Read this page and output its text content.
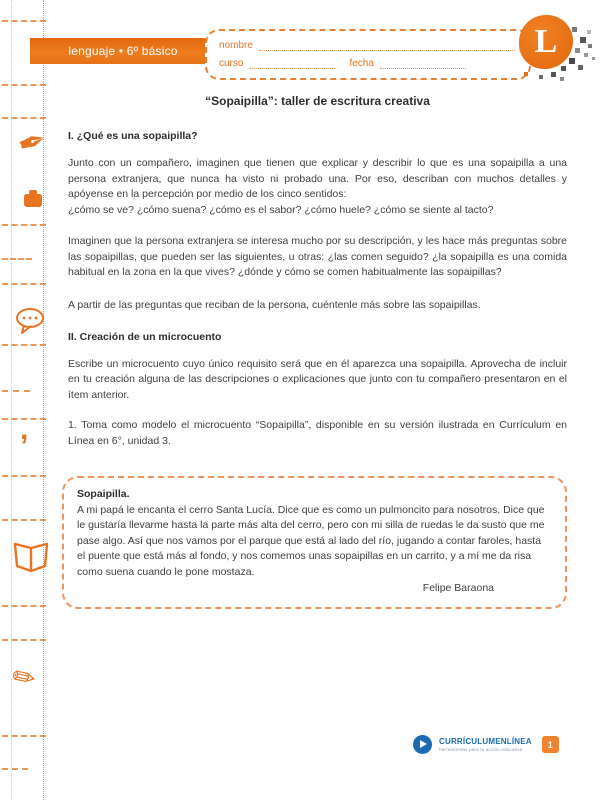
✒
,
✏
lenguaje • 6º básico	nombre
curso	fecha
L
“Sopaipilla”: taller de escritura creativa
I. ¿Qué es una sopaipilla?

Junto con un compañero, imaginen que tienen que explicar y describir lo que es una sopaipilla a una persona extranjera, que nunca ha visto ni probado una. Por eso, describan con muchos detalles y apóyense en la percepción por medio de los cinco sentidos:

¿cómo se ve? ¿cómo suena? ¿cómo es el sabor? ¿cómo huele? ¿cómo se siente al tacto?

Imaginen que la persona extranjera se interesa mucho por su descripción, y les hace más preguntas sobre las sopaipillas, que pueden ser las siguientes, u otras: ¿las comen seguido? ¿la sopaipilla es una comida habitual en la zona en la que vives? ¿dónde y cómo se comen habitualmente las sopaipillas?

A partir de las preguntas que reciban de la persona, cuéntenle más sobre las sopaipillas.

II. Creación de un microcuento

Escribe un microcuento cuyo único requisito será que en él aparezca una sopaipilla. Aprovecha de incluir en tu creación alguna de las descripciones o explicaciones que junto con tu compañero presentaron en el ítem anterior.

1. Toma como modelo el microcuento “Sopaipilla”, disponible en su versión ilustrada en Currículum en Línea en 6°, unidad 3.

Sopaipilla.
A mi papá le encanta el cerro Santa Lucía. Dice que es como un pulmoncito para nosotros. Dice que le gustaría llevarme hasta la parte más alta del cerro, pero con mi silla de ruedas le da susto que me pase algo. Así que nos vamos por el parque que está al lado del río, jugando a contar faroles, hasta el puente que está más al fondo, y nos comemos unas sopaipillas en un carrito, y a mí me da risa como suena cuando le pone mostaza.
Felipe Baraona
CURRÍCULUMENLÍNEA
herramientas para la acción educativa	1
